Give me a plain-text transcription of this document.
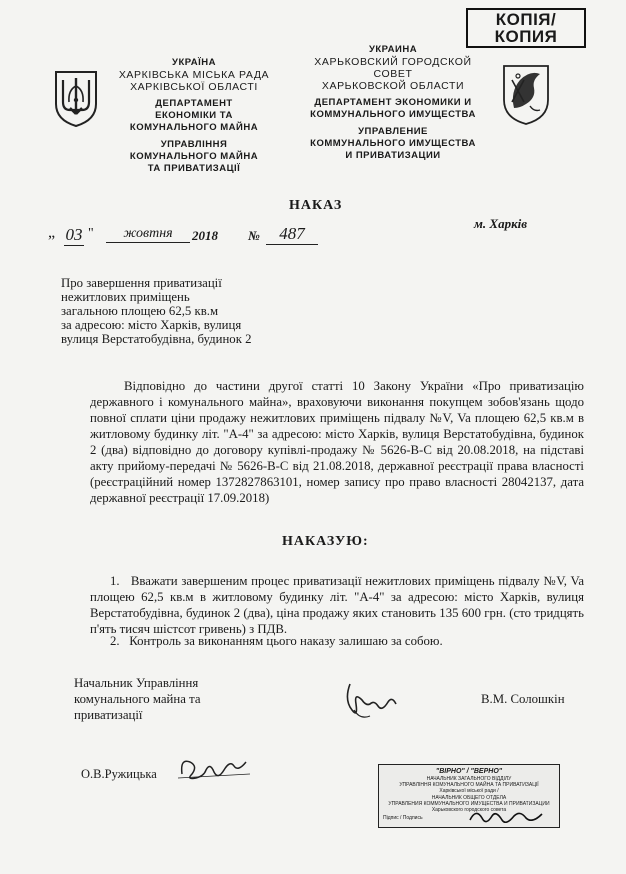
КОПІЯ/
КОПИЯ
УКРАЇНА
ХАРКІВСЬКА МІСЬКА РАДА
ХАРКІВСЬКОЇ ОБЛАСТІ
ДЕПАРТАМЕНТ
ЕКОНОМІКИ ТА
КОМУНАЛЬНОГО МАЙНА
УПРАВЛІННЯ
КОМУНАЛЬНОГО МАЙНА
ТА ПРИВАТИЗАЦІЇ
УКРАИНА
ХАРЬКОВСКИЙ ГОРОДСКОЙ
СОВЕТ
ХАРЬКОВСКОЙ ОБЛАСТИ
ДЕПАРТАМЕНТ ЭКОНОМИКИ И
КОММУНАЛЬНОГО ИМУЩЕСТВА
УПРАВЛЕНИЕ
КОММУНАЛЬНОГО ИМУЩЕСТВА
И ПРИВАТИЗАЦИИ
НАКАЗ
„ 03 "	жовтня	2018 №	487
м. Харків
Про завершення приватизації
нежитлових приміщень
загальною площею 62,5 кв.м
за адресою: місто Харків, вулиця
вулиця Верстатобудівна, будинок 2
Відповідно до частини другої статті 10 Закону України «Про приватизацію державного і комунального майна», враховуючи виконання покупцем зобов'язань щодо повної сплати ціни продажу нежитлових приміщень підвалу №V, Va площею 62,5 кв.м в житловому будинку літ. "А-4" за адресою: місто Харків, вулиця Верстатобудівна, будинок 2 (два) відповідно до договору купівлі-продажу № 5626-В-С від 20.08.2018, на підставі акту прийому-передачі № 5626-В-С від 21.08.2018, державної реєстрації права власності (реєстраційний номер 1372827863101, номер запису про право власності 28042137, дата державної реєстрації 17.09.2018)
НАКАЗУЮ:
1. Вважати завершеним процес приватизації нежитлових приміщень підвалу №V, Va площею 62,5 кв.м в житловому будинку літ. "А-4" за адресою: місто Харків, вулиця Верстатобудівна, будинок 2 (два), ціна продажу яких становить 135 600 грн. (сто тридцять п'ять тисяч шістсот гривень) з ПДВ.
2. Контроль за виконанням цього наказу залишаю за собою.
Начальник Управління
комунального майна та
приватизації
В.М. Солошкін
О.В.Ружицька	"ВІРНО" / "ВЕРНО"
НАЧАЛЬНИК ЗАГАЛЬНОГО ВІДДІЛУ
УПРАВЛІННЯ КОМУНАЛЬНОГО МАЙНА ТА ПРИВАТИЗАЦІЇ
Харківської міської ради /
НАЧАЛЬНИК ОБЩЕГО ОТДЕЛА
УПРАВЛЕНИЯ КОММУНАЛЬНОГО ИМУЩЕСТВА И ПРИВАТИЗАЦИИ
Харьковского городского совета
Підпис / Подпись
